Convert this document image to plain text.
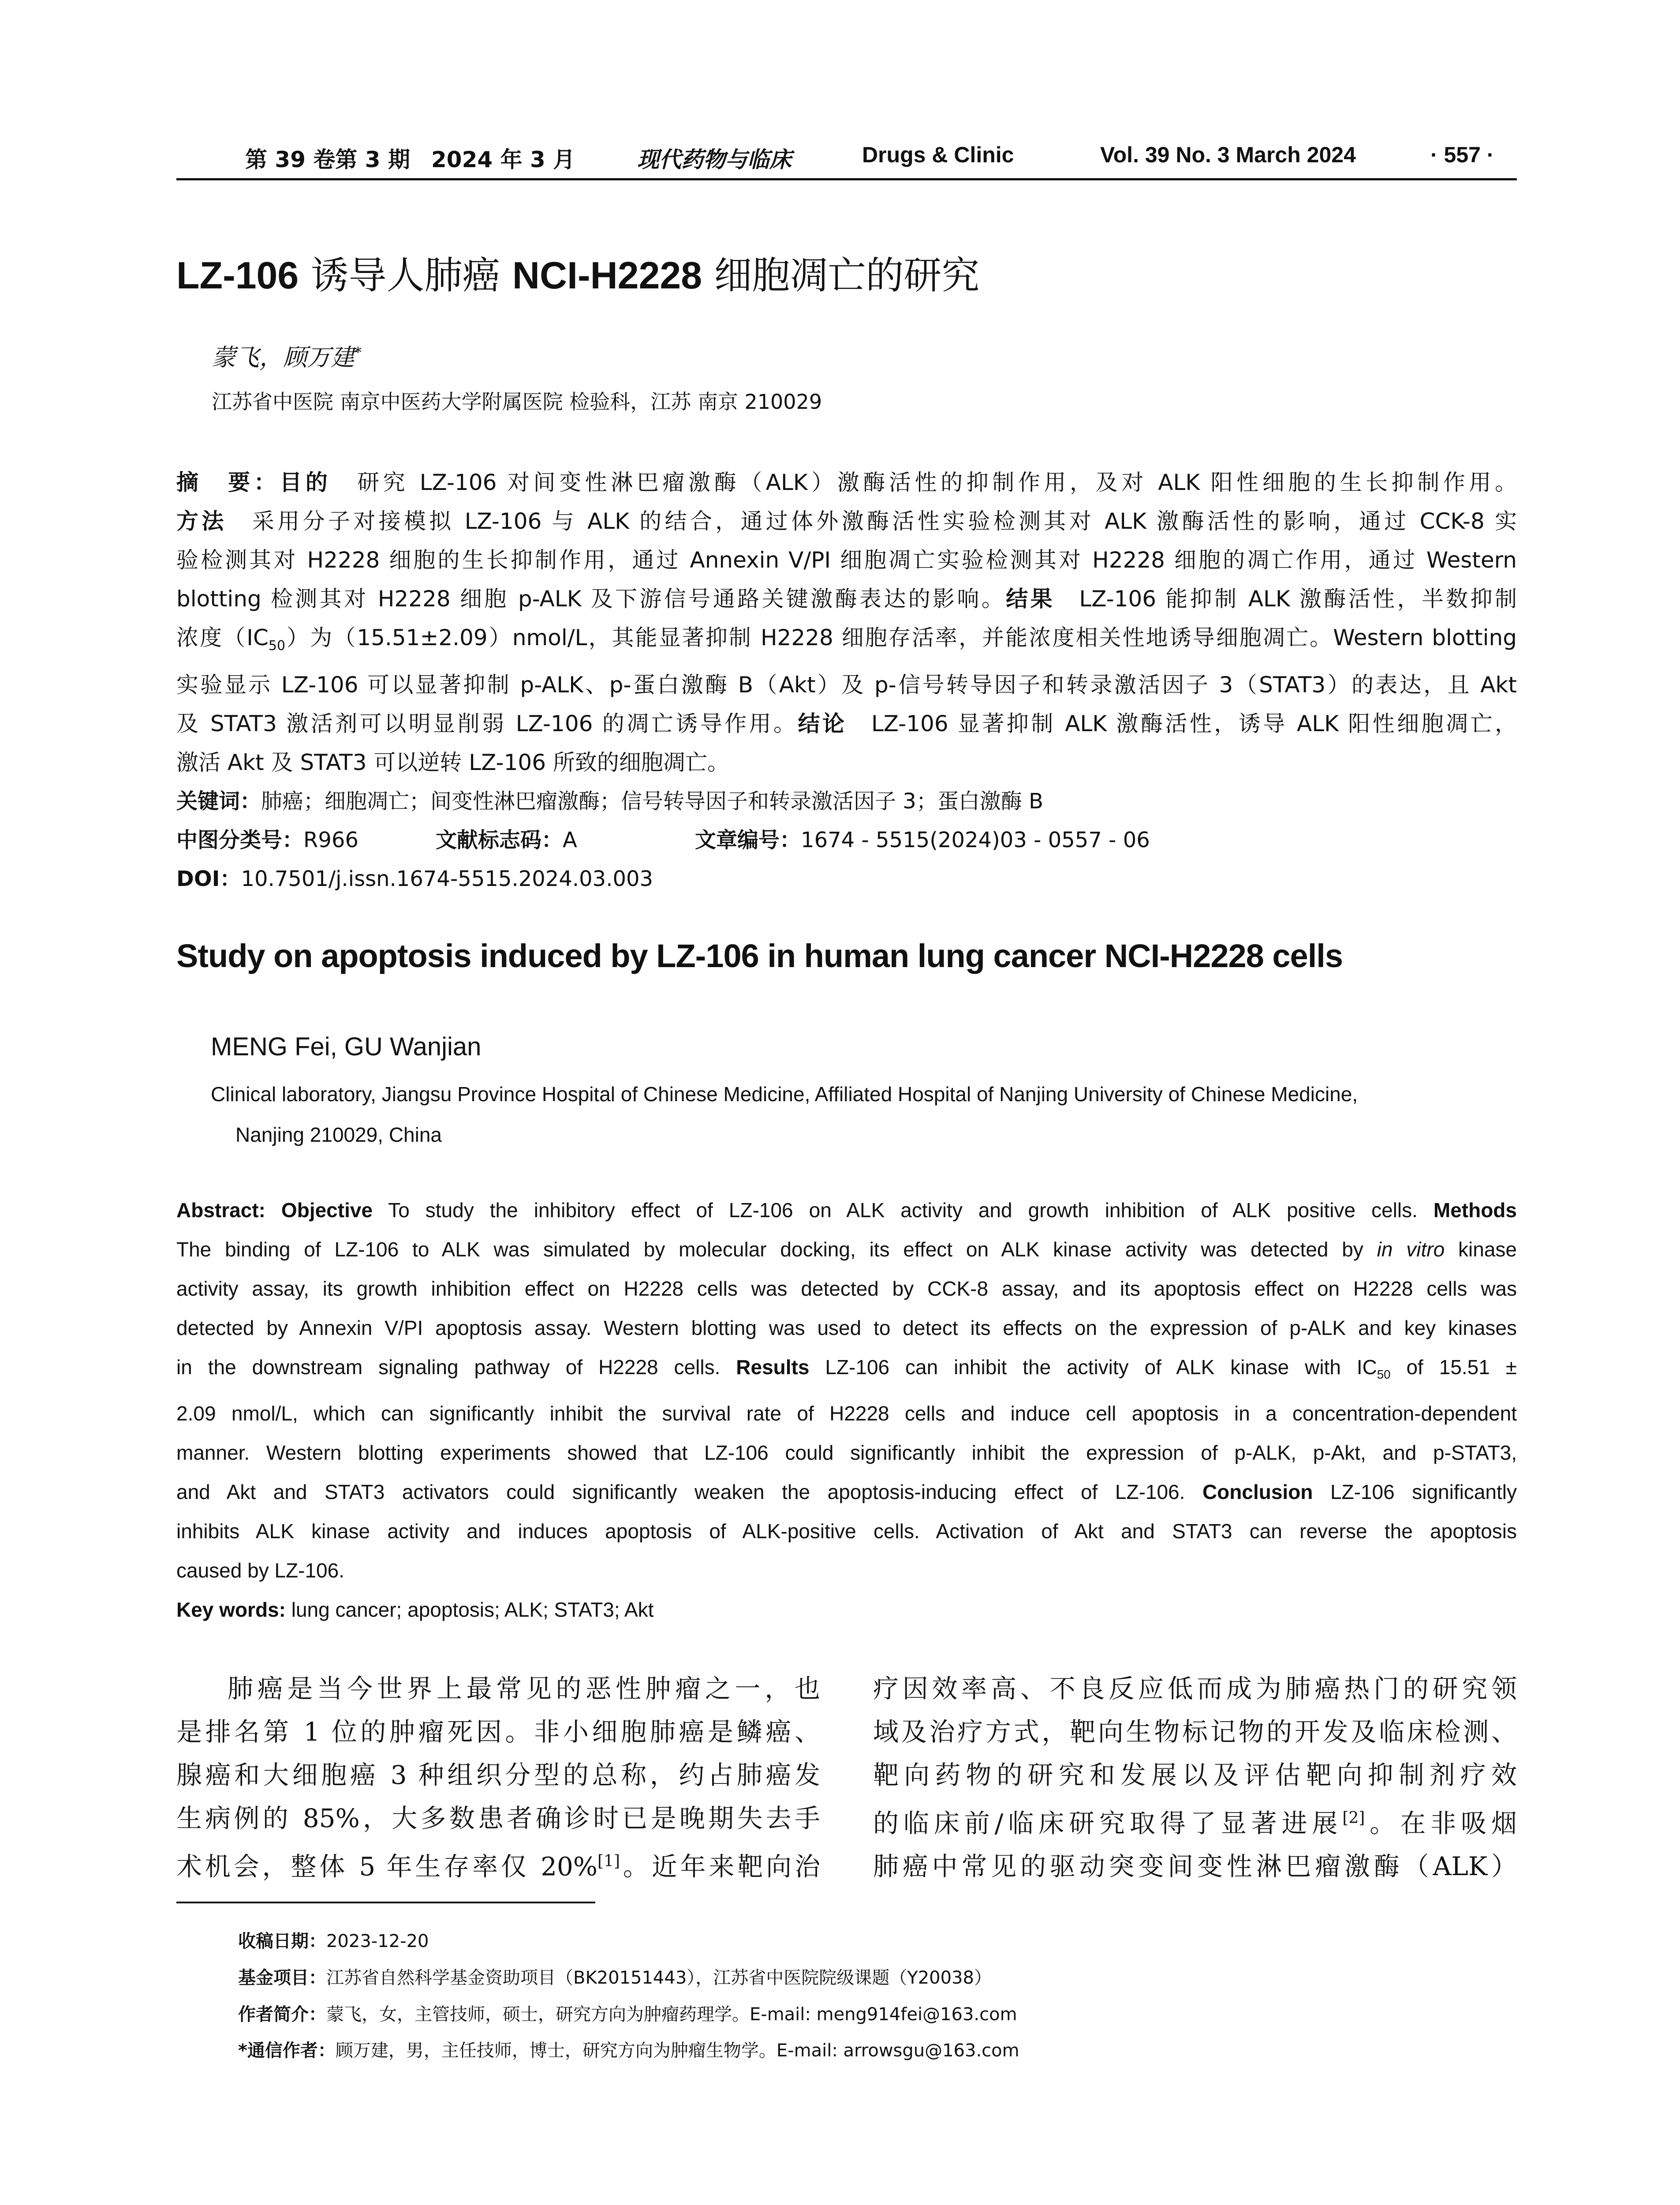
第 39 卷第 3 期 2024 年 3 月	现代药物与临床	Drugs & Clinic	Vol. 39 No. 3 March 2024	· 557 ·
LZ-106 诱导人肺癌 NCI-H2228 细胞凋亡的研究
蒙飞，顾万建*
江苏省中医院 南京中医药大学附属医院 检验科，江苏 南京 210029

摘　要：目的　研究 LZ-106 对间变性淋巴瘤激酶（ALK）激酶活性的抑制作用，及对 ALK 阳性细胞的生长抑制作用。

方法　采用分子对接模拟 LZ-106 与 ALK 的结合，通过体外激酶活性实验检测其对 ALK 激酶活性的影响，通过 CCK-8 实

验检测其对 H2228 细胞的生长抑制作用，通过 Annexin V/PI 细胞凋亡实验检测其对 H2228 细胞的凋亡作用，通过 Western

blotting 检测其对 H2228 细胞 p-ALK 及下游信号通路关键激酶表达的影响。结果　LZ-106 能抑制 ALK 激酶活性，半数抑制

浓度$(IC_{50})$为（15.51±2.09）nmol/L，其能显著抑制 H2228 细胞存活率，并能浓度相关性地诱导细胞凋亡。Western blotting

实验显示 LZ-106 可以显著抑制 p-ALK、p-蛋白激酶 B（Akt）及 p-信号转导因子和转录激活因子 3（STAT3）的表达，且 Akt

及 STAT3 激活剂可以明显削弱 LZ-106 的凋亡诱导作用。结论　LZ-106 显著抑制 ALK 激酶活性，诱导 ALK 阳性细胞凋亡，

激活 Akt 及 STAT3 可以逆转 LZ-106 所致的细胞凋亡。

关键词：肺癌；细胞凋亡；间变性淋巴瘤激酶；信号转导因子和转录激活因子 3；蛋白激酶 B
中图分类号：R966	文献标志码：A	文章编号：1674 - 5515(2024)03 - 0557 - 06
DOI：10.7501/j.issn.1674-5515.2024.03.003
Study on apoptosis induced by LZ-106 in human lung cancer NCI-H2228 cells
MENG Fei, GU Wanjian
Clinical laboratory, Jiangsu Province Hospital of Chinese Medicine, Affiliated Hospital of Nanjing University of Chinese Medicine,
Nanjing 210029, China

Abstract: Objective To study the inhibitory effect of LZ-106 on ALK activity and growth inhibition of ALK positive cells. Methods

The binding of LZ-106 to ALK was simulated by molecular docking, its effect on ALK kinase activity was detected by in vitro kinase

activity assay, its growth inhibition effect on H2228 cells was detected by CCK-8 assay, and its apoptosis effect on H2228 cells was

detected by Annexin V/PI apoptosis assay. Western blotting was used to detect its effects on the expression of p-ALK and key kinases

in the downstream signaling pathway of H2228 cells. Results LZ-106 can inhibit the activity of ALK kinase with $IC_{50}$ of 15.51 ±

2.09 nmol/L, which can significantly inhibit the survival rate of H2228 cells and induce cell apoptosis in a concentration-dependent

manner. Western blotting experiments showed that LZ-106 could significantly inhibit the expression of p-ALK, p-Akt, and p-STAT3,

and Akt and STAT3 activators could significantly weaken the apoptosis-inducing effect of LZ-106. Conclusion LZ-106 significantly

inhibits ALK kinase activity and induces apoptosis of ALK-positive cells. Activation of Akt and STAT3 can reverse the apoptosis

caused by LZ-106.

Key words: lung cancer; apoptosis; ALK; STAT3; Akt

肺癌是当今世界上最常见的恶性肿瘤之一，也

是排名第 1 位的肿瘤死因。非小细胞肺癌是鳞癌、

腺癌和大细胞癌 3 种组织分型的总称，约占肺癌发

生病例的 85%，大多数患者确诊时已是晚期失去手

术机会，整体 5 年生存率仅 20%[1]。近年来靶向治

疗因效率高、不良反应低而成为肺癌热门的研究领

域及治疗方式，靶向生物标记物的开发及临床检测、

靶向药物的研究和发展以及评估靶向抑制剂疗效

的临床前/临床研究取得了显著进展[2]。在非吸烟

肺癌中常见的驱动突变间变性淋巴瘤激酶（ALK）

收稿日期：2023-12-20
基金项目：江苏省自然科学基金资助项目（BK20151443），江苏省中医院院级课题（Y20038）
作者简介：蒙飞，女，主管技师，硕士，研究方向为肿瘤药理学。E-mail: meng914fei@163.com
*通信作者：顾万建，男，主任技师，博士，研究方向为肿瘤生物学。E-mail: arrowsgu@163.com
